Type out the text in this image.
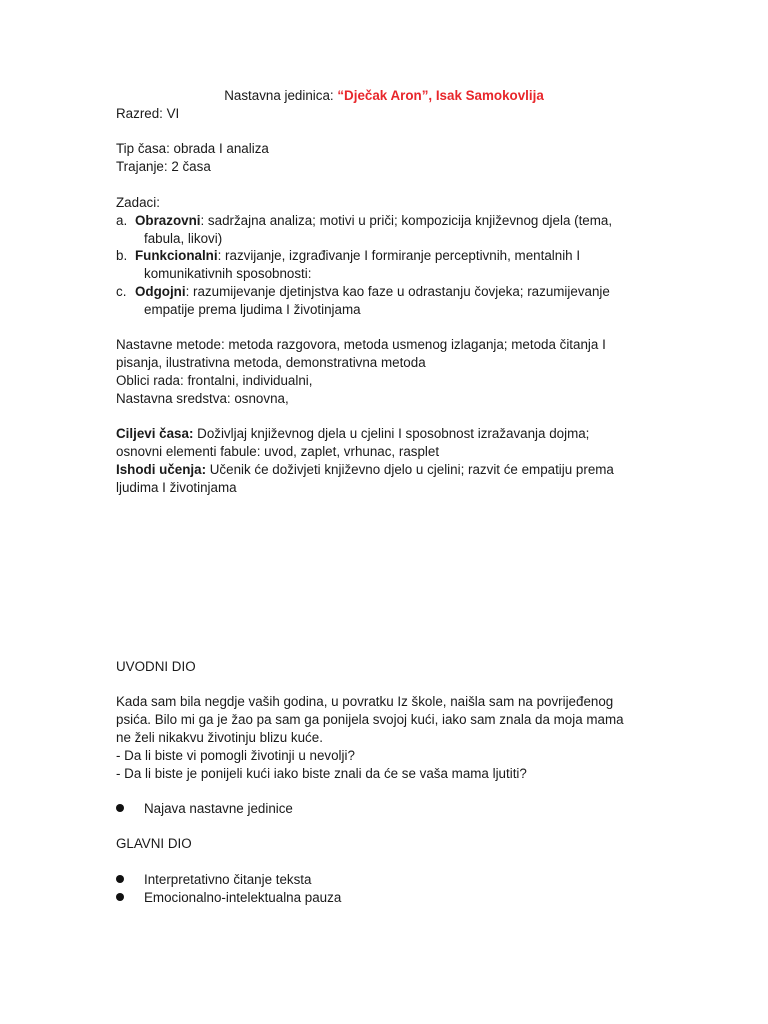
Nastavna jedinica: “Dječak Aron”, Isak Samokovlija
Razred: VI
Tip časa: obrada I analiza
Trajanje: 2 časa
Zadaci:
a. Obrazovni: sadržajna analiza; motivi u priči; kompozicija književnog djela (tema,
fabula, likovi)
b. Funkcionalni: razvijanje, izgrađivanje I formiranje perceptivnih, mentalnih I
komunikativnih sposobnosti:
c. Odgojni: razumijevanje djetinjstva kao faze u odrastanju čovjeka; razumijevanje
empatije prema ljudima I životinjama
Nastavne metode: metoda razgovora, metoda usmenog izlaganja; metoda čitanja I
pisanja, ilustrativna metoda, demonstrativna metoda
Oblici rada: frontalni, individualni,
Nastavna sredstva: osnovna,
Ciljevi časa: Doživljaj književnog djela u cjelini I sposobnost izražavanja dojma;
osnovni elementi fabule: uvod, zaplet, vrhunac, rasplet
Ishodi učenja: Učenik će doživjeti književno djelo u cjelini; razvit će empatiju prema
ljudima I životinjama
UVODNI DIO
Kada sam bila negdje vaših godina, u povratku Iz škole, naišla sam na povrijeđenog
psića. Bilo mi ga je žao pa sam ga ponijela svojoj kući, iako sam znala da moja mama
ne želi nikakvu životinju blizu kuće.
- Da li biste vi pomogli životinji u nevolji?
- Da li biste je ponijeli kući iako biste znali da će se vaša mama ljutiti?
Najava nastavne jedinice
GLAVNI DIO
Interpretativno čitanje teksta
Emocionalno-intelektualna pauza
